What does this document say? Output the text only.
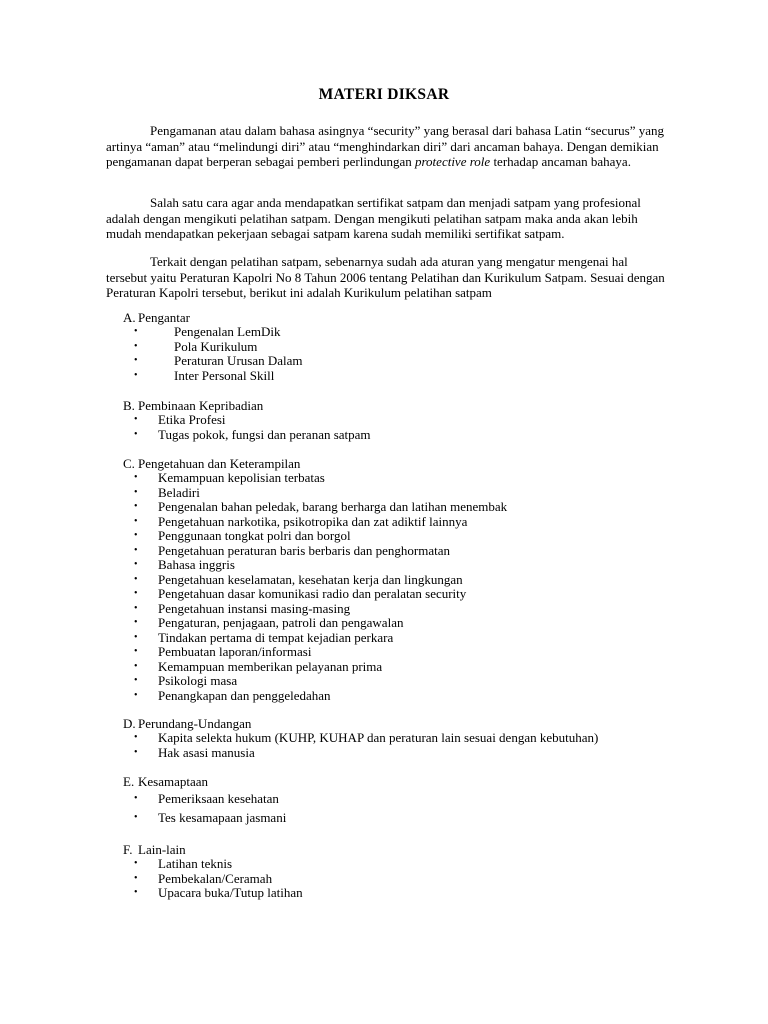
MATERI DIKSAR

Pengamanan atau dalam bahasa asingnya “security” yang berasal dari bahasa Latin “securus” yang artinya “aman” atau “melindungi diri” atau “menghindarkan diri” dari ancaman bahaya. Dengan demikian pengamanan dapat berperan sebagai pemberi perlindungan protective role terhadap ancaman bahaya.

Salah satu cara agar anda mendapatkan sertifikat satpam dan menjadi satpam yang profesional adalah dengan mengikuti pelatihan satpam. Dengan mengikuti pelatihan satpam maka anda akan lebih mudah mendapatkan pekerjaan sebagai satpam karena sudah memiliki sertifikat satpam.

Terkait dengan pelatihan satpam, sebenarnya sudah ada aturan yang mengatur mengenai hal tersebut yaitu Peraturan Kapolri No 8 Tahun 2006 tentang Pelatihan dan Kurikulum Satpam. Sesuai dengan Peraturan Kapolri tersebut, berikut ini adalah Kurikulum pelatihan satpam

A. Pengantar
•	Pengenalan LemDik
•	Pola Kurikulum
•	Peraturan Urusan Dalam
•	Inter Personal Skill
B. Pembinaan Kepribadian
• Etika Profesi
• Tugas pokok, fungsi dan peranan satpam
C. Pengetahuan dan Keterampilan
• Kemampuan kepolisian terbatas
• Beladiri
• Pengenalan bahan peledak, barang berharga dan latihan menembak
• Pengetahuan narkotika, psikotropika dan zat adiktif lainnya
• Penggunaan tongkat polri dan borgol
• Pengetahuan peraturan baris berbaris dan penghormatan
• Bahasa inggris
• Pengetahuan keselamatan, kesehatan kerja dan lingkungan
• Pengetahuan dasar komunikasi radio dan peralatan security
• Pengetahuan instansi masing-masing
• Pengaturan, penjagaan, patroli dan pengawalan
• Tindakan pertama di tempat kejadian perkara
• Pembuatan laporan/informasi
• Kemampuan memberikan pelayanan prima
• Psikologi masa
• Penangkapan dan penggeledahan
D. Perundang-Undangan
• Kapita selekta hukum (KUHP, KUHAP dan peraturan lain sesuai dengan kebutuhan)
• Hak asasi manusia
E. Kesamaptaan
• Pemeriksaan kesehatan
• Tes kesamapaan jasmani
F. Lain-lain
• Latihan teknis
• Pembekalan/Ceramah
• Upacara buka/Tutup latihan
